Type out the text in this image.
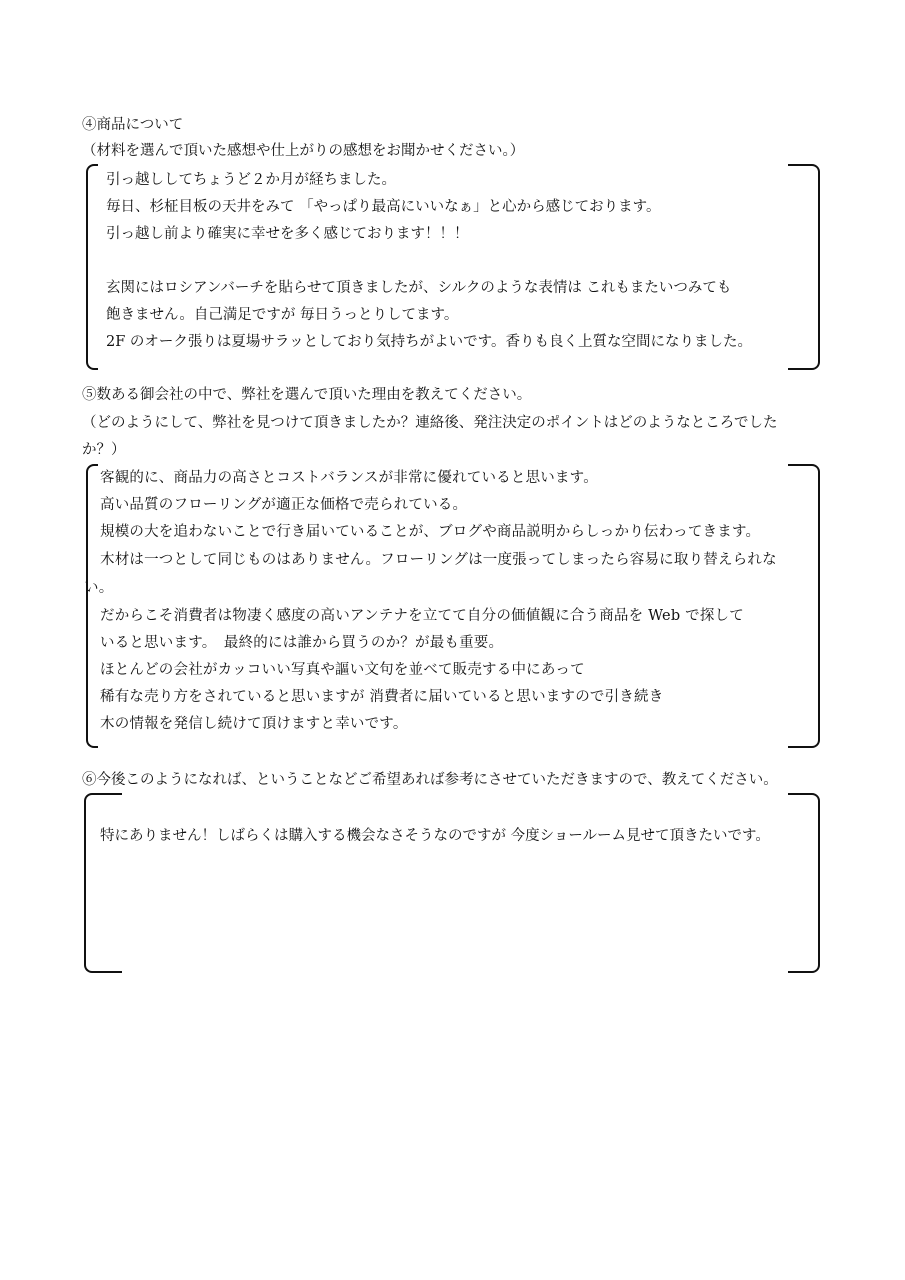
④商品について
（材料を選んで頂いた感想や仕上がりの感想をお聞かせください。）
引っ越ししてちょうど２か月が経ちました。
毎日、杉柾目板の天井をみて 「やっぱり最高にいいなぁ」と心から感じております。
引っ越し前より確実に幸せを多く感じております！！！
玄関にはロシアンバーチを貼らせて頂きましたが、シルクのような表情は これもまたいつみても
飽きません。自己満足ですが 毎日うっとりしてます。
2F のオーク張りは夏場サラッとしており気持ちがよいです。香りも良く上質な空間になりました。
⑤数ある御会社の中で、弊社を選んで頂いた理由を教えてください。
（どのようにして、弊社を見つけて頂きましたか？連絡後、発注決定のポイントはどのようなところでした
か？）
客観的に、商品力の高さとコストバランスが非常に優れていると思います。
高い品質のフローリングが適正な価格で売られている。
規模の大を追わないことで行き届いていることが、ブログや商品説明からしっかり伝わってきます。
木材は一つとして同じものはありません。フローリングは一度張ってしまったら容易に取り替えられな
い。
だからこそ消費者は物凄く感度の高いアンテナを立てて自分の価値観に合う商品を Web で探して
いると思います。　最終的には誰から買うのか？が最も重要。
ほとんどの会社がカッコいい写真や謳い文句を並べて販売する中にあって
稀有な売り方をされていると思いますが 消費者に届いていると思いますので引き続き
木の情報を発信し続けて頂けますと幸いです。
⑥今後このようになれば、ということなどご希望あれば参考にさせていただきますので、教えてください。
特にありません！しばらくは購入する機会なさそうなのですが 今度ショールーム見せて頂きたいです。
